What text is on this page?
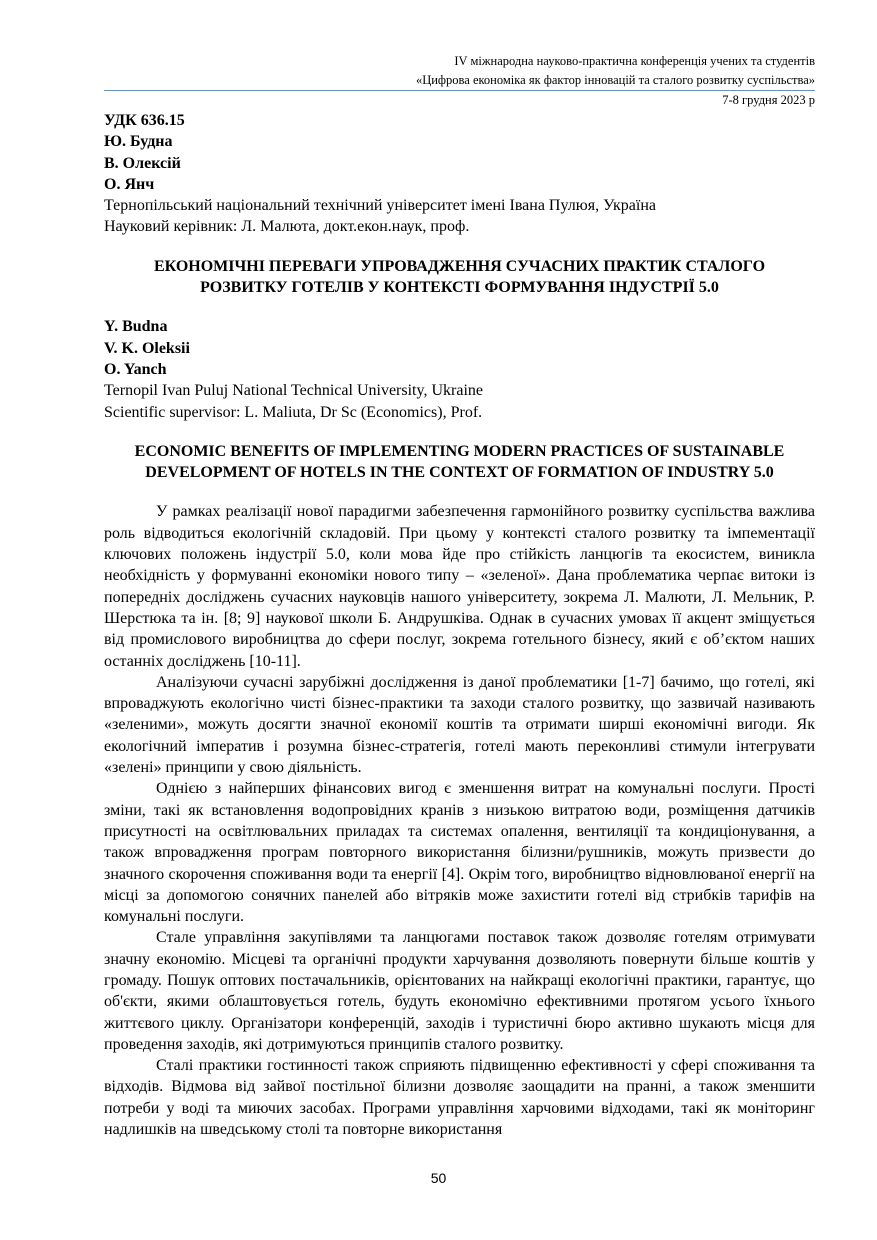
IV міжнародна науково-практична конференція учених та студентів
«Цифрова економіка як фактор інновацій та сталого розвитку суспільства»
7-8 грудня 2023 р
УДК 636.15
Ю. Будна
В. Олексій
О. Янч
Тернопільський національний технічний університет імені Івана Пулюя, Україна
Науковий керівник: Л. Малюта, докт.екон.наук, проф.
ЕКОНОМІЧНІ ПЕРЕВАГИ УПРОВАДЖЕННЯ СУЧАСНИХ ПРАКТИК СТАЛОГО РОЗВИТКУ ГОТЕЛІВ У КОНТЕКСТІ ФОРМУВАННЯ ІНДУСТРІЇ 5.0
Y. Budna
V. K. Oleksii
O. Yanch
Ternopil Ivan Puluj National Technical University, Ukraine
Scientific supervisor: L. Maliuta, Dr Sc (Economics), Prof.
ECONOMIC BENEFITS OF IMPLEMENTING MODERN PRACTICES OF SUSTAINABLE DEVELOPMENT OF HOTELS IN THE CONTEXT OF FORMATION OF INDUSTRY 5.0

У рамках реалізації нової парадигми забезпечення гармонійного розвитку суспільства важлива роль відводиться екологічній складовій. При цьому у контексті сталого розвитку та імпементації ключових положень індустрії 5.0, коли мова йде про стійкість ланцюгів та екосистем, виникла необхідність у формуванні економіки нового типу – «зеленої». Дана проблематика черпає витоки із попередніх досліджень сучасних науковців нашого університету, зокрема Л. Малюти, Л. Мельник, Р. Шерстюка та ін. [8; 9] наукової школи Б. Андрушківа. Однак в сучасних умовах її акцент зміщується від промислового виробництва до сфери послуг, зокрема готельного бізнесу, який є об’єктом наших останніх досліджень [10-11].

Аналізуючи сучасні зарубіжні дослідження із даної проблематики [1-7] бачимо, що готелі, які впроваджують екологічно чисті бізнес-практики та заходи сталого розвитку, що зазвичай називають «зеленими», можуть досягти значної економії коштів та отримати ширші економічні вигоди. Як екологічний імператив і розумна бізнес-стратегія, готелі мають переконливі стимули інтегрувати «зелені» принципи у свою діяльність.

Однією з найперших фінансових вигод є зменшення витрат на комунальні послуги. Прості зміни, такі як встановлення водопровідних кранів з низькою витратою води, розміщення датчиків присутності на освітлювальних приладах та системах опалення, вентиляції та кондиціонування, а також впровадження програм повторного використання білизни/рушників, можуть призвести до значного скорочення споживання води та енергії [4]. Окрім того, виробництво відновлюваної енергії на місці за допомогою сонячних панелей або вітряків може захистити готелі від стрибків тарифів на комунальні послуги.

Стале управління закупівлями та ланцюгами поставок також дозволяє готелям отримувати значну економію. Місцеві та органічні продукти харчування дозволяють повернути більше коштів у громаду. Пошук оптових постачальників, орієнтованих на найкращі екологічні практики, гарантує, що об'єкти, якими облаштовується готель, будуть економічно ефективними протягом усього їхнього життєвого циклу. Організатори конференцій, заходів і туристичні бюро активно шукають місця для проведення заходів, які дотримуються принципів сталого розвитку.

Сталі практики гостинності також сприяють підвищенню ефективності у сфері споживання та відходів. Відмова від зайвої постільної білизни дозволяє заощадити на пранні, а також зменшити потреби у воді та миючих засобах. Програми управління харчовими відходами, такі як моніторинг надлишків на шведському столі та повторне використання

50
